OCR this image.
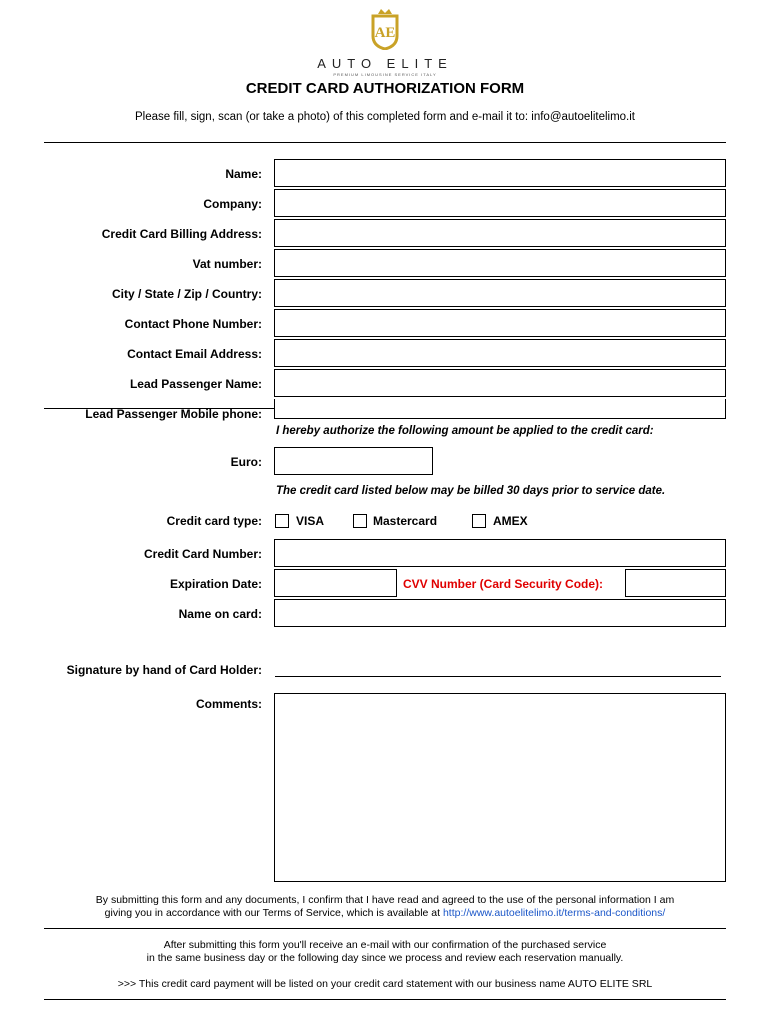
AE
AUTO ELITE
PREMIUM LIMOUSINE SERVICE ITALY
CREDIT CARD AUTHORIZATION FORM
Please fill, sign, scan (or take a photo) of this completed form and e-mail it to: info@autoelitelimo.it
Name:
Company:
Credit Card Billing Address:
Vat number:
City / State / Zip / Country:
Contact Phone Number:
Contact Email Address:
Lead Passenger Name:
Lead Passenger Mobile phone:
I hereby authorize the following amount be applied to the credit card:
Euro:
The credit card listed below may be billed 30 days prior to service date.
Credit card type:	VISA	Mastercard	AMEX
Credit Card Number:
Expiration Date:	CVV Number (Card Security Code):
Name on card:
Signature by hand of Card Holder:
Comments:
By submitting this form and any documents, I confirm that I have read and agreed to the use of the personal information I am
giving you in accordance with our Terms of Service, which is available at http://www.autoelitelimo.it/terms-and-conditions/
After submitting this form you'll receive an e-mail with our confirmation of the purchased service
in the same business day or the following day since we process and review each reservation manually.
>>> This credit card payment will be listed on your credit card statement with our business name AUTO ELITE SRL
